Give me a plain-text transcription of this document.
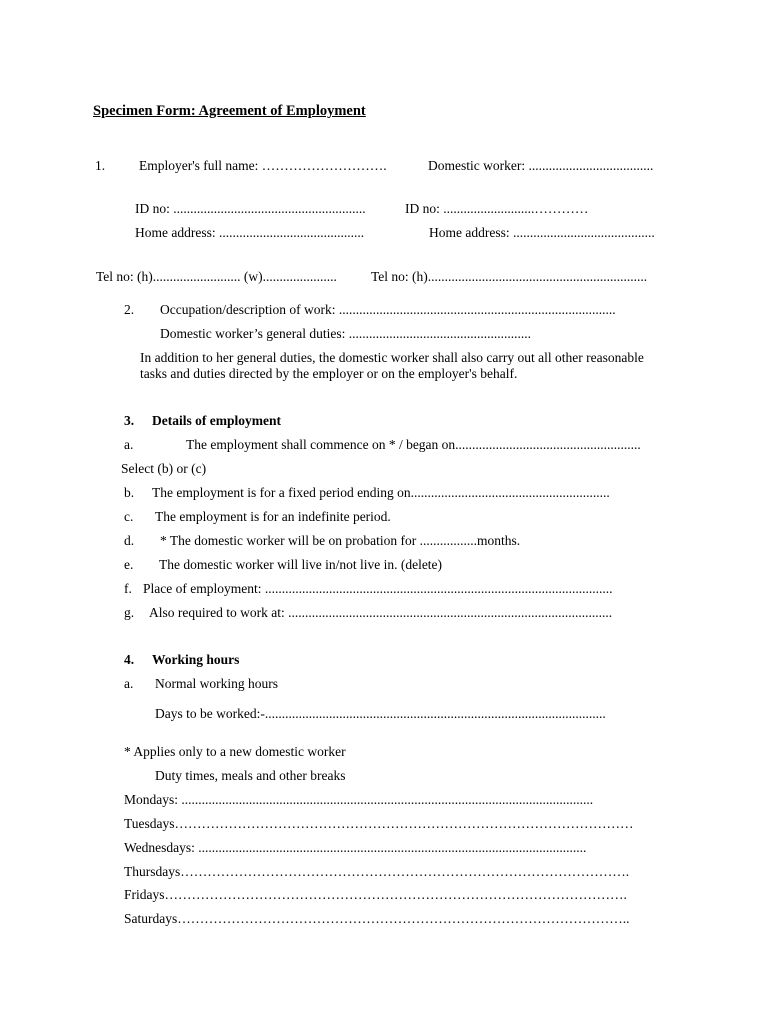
Specimen Form: Agreement of Employment
1.	Employer's full name: ……………………….	Domestic worker: .....................................
ID no: .........................................................	ID no: ...........................…………
Home address: ...........................................	Home address: ..........................................
Tel no: (h).......................... (w)......................	Tel no: (h).................................................................
2. Occupation/description of work: ..................................................................................
Domestic worker’s general duties: ......................................................
In addition to her general duties, the domestic worker shall also carry out all other reasonable
tasks and duties directed by the employer or on the employer's behalf.
3. Details of employment
a.	The employment shall commence on * / began on.......................................................
Select (b) or (c)
b. The employment is for a fixed period ending on...........................................................
c. The employment is for an indefinite period.
d. * The domestic worker will be on probation for .................months.
e. The domestic worker will live in/not live in. (delete)
f. Place of employment: .......................................................................................................
g. Also required to work at: ................................................................................................
4. Working hours
a. Normal working hours
Days to be worked:-.....................................................................................................
* Applies only to a new domestic worker
Duty times, meals and other breaks
Mondays: ..........................................................................................................................
Tuesdays…………………………………………………………………………………………
Wednesdays: ...................................................................................................................
Thursdays……………………………………………………………………………………….
Fridays………………………………………………………………………………………….
Saturdays………………………………………………………………………………………..
